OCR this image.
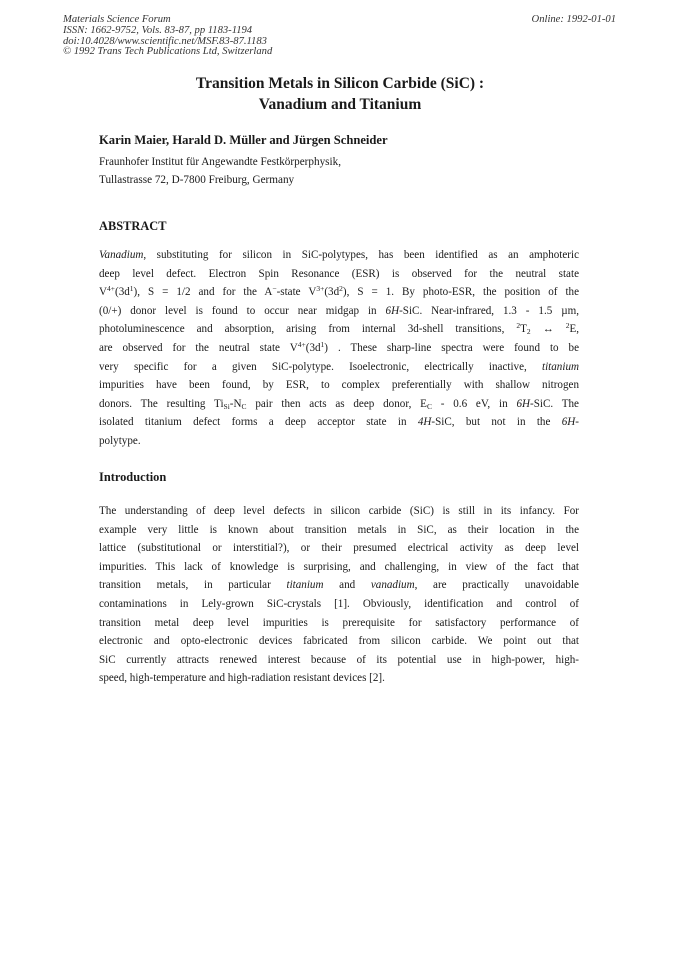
Materials Science Forum
ISSN: 1662-9752, Vols. 83-87, pp 1183-1194
doi:10.4028/www.scientific.net/MSF.83-87.1183
© 1992 Trans Tech Publications Ltd, Switzerland
Online: 1992-01-01
Transition Metals in Silicon Carbide (SiC) :
Vanadium and Titanium
Karin Maier, Harald D. Müller and Jürgen Schneider
Fraunhofer Institut für Angewandte Festkörperphysik,
Tullastrasse 72, D-7800 Freiburg, Germany
ABSTRACT
Vanadium, substituting for silicon in SiC-polytypes, has been identified as an amphoteric
deep level defect. Electron Spin Resonance (ESR) is observed for the neutral state
$V^{4+}(3d^1)$, S = 1/2 and for the A−-state $V^{3+}(3d^2)$, S = 1. By photo-ESR, the position of the
(0/+) donor level is found to occur near midgap in 6H-SiC. Near-infrared, 1.3 - 1.5 µm,
photoluminescence and absorption, arising from internal 3d-shell transitions, $^2T_2$ ↔ $^2$E,
are observed for the neutral state $V^{4+}(3d^1)$ . These sharp-line spectra were found to be
very specific for a given SiC-polytype. Isoelectronic, electrically inactive, titanium
impurities have been found, by ESR, to complex preferentially with shallow nitrogen
donors. The resulting $Ti_{Si}-N_C$ pair then acts as deep donor, $E_C - 0.6$ eV, in 6H-SiC. The
isolated titanium defect forms a deep acceptor state in 4H-SiC, but not in the 6H-
polytype.
Introduction
The understanding of deep level defects in silicon carbide (SiC) is still in its infancy. For
example very little is known about transition metals in SiC, as their location in the
lattice (substitutional or interstitial?), or their presumed electrical activity as deep level
impurities. This lack of knowledge is surprising, and challenging, in view of the fact that
transition metals, in particular titanium and vanadium, are practically unavoidable
contaminations in Lely-grown SiC-crystals [1]. Obviously, identification and control of
transition metal deep level impurities is prerequisite for satisfactory performance of
electronic and opto-electronic devices fabricated from silicon carbide. We point out that
SiC currently attracts renewed interest because of its potential use in high-power, high-
speed, high-temperature and high-radiation resistant devices [2].
